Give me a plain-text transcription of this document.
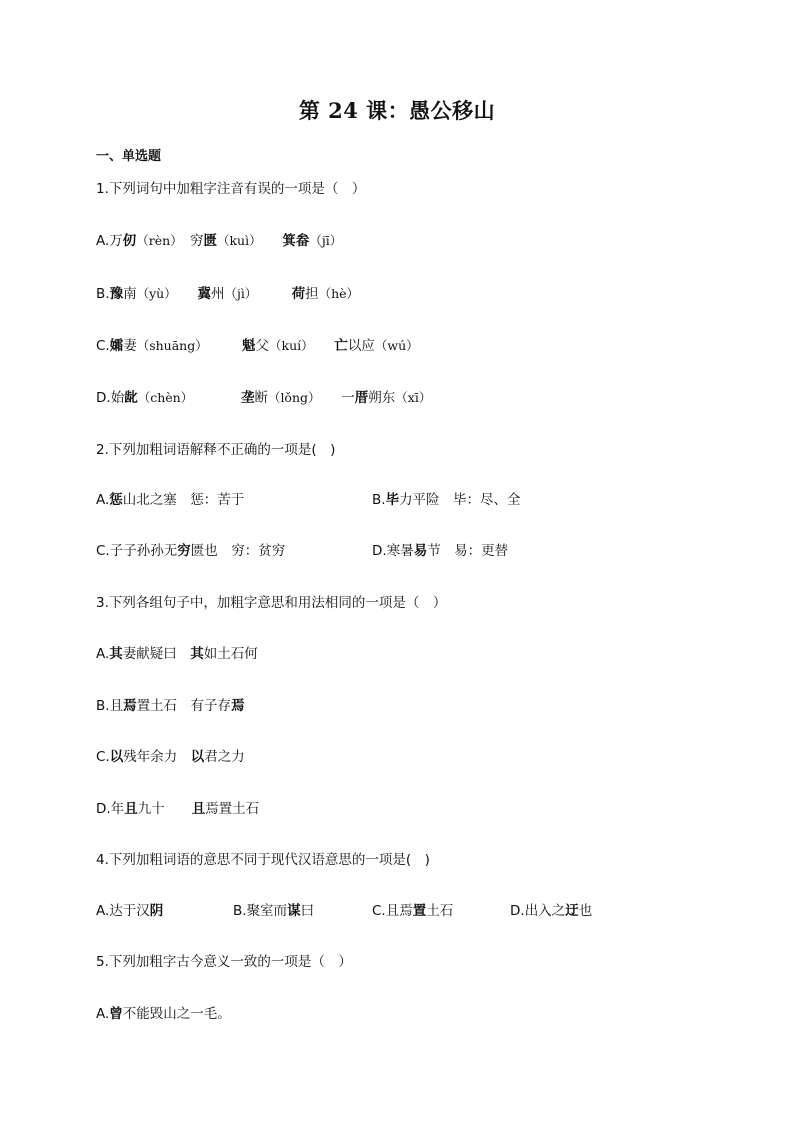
第 24 课：愚公移山
一、单选题
1.下列词句中加粗字注音有误的一项是（　）
A.万仞（rèn）　穷匮（kuì）　　 箕畚（jī）
B.豫南（yù）　　 冀州（jì）　　　	荷担（hè）
C.孀妻（shuāng）　　　	魁父（kuí）　　 亡以应（wú）
D.始龀（chèn）　　　　	垄断（lǒng）　　 一厝朔东（xī）
2.下列加粗词语解释不正确的一项是(　)
A.惩山北之塞　惩：苦于	B.毕力平险　毕：尽、全
C.子子孙孙无穷匮也　穷：贫穷	D.寒暑易节　易：更替
3.下列各组句子中，加粗字意思和用法相同的一项是（　）
A.其妻献疑曰　其如土石何
B.且焉置土石　有子存焉
C.以残年余力　以君之力
D.年且九十　　且焉置土石
4.下列加粗词语的意思不同于现代汉语意思的一项是(　)
A.达于汉阴	B.聚室而谋曰	C.且焉置土石	D.出入之迂也
5.下列加粗字古今意义一致的一项是（　）
A.曾不能毁山之一毛。
